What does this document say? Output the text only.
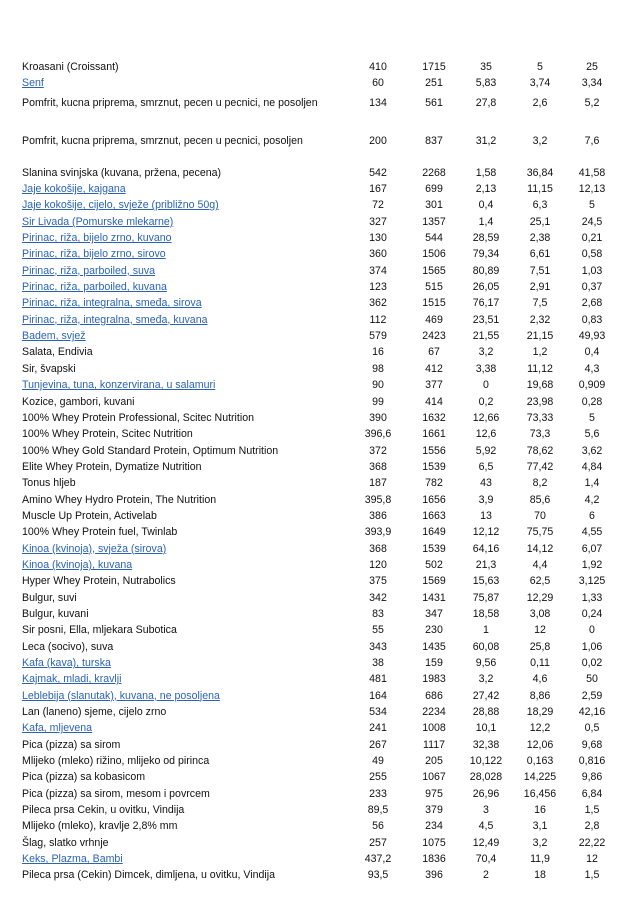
Kroasani (Croissant)	410	1715	35	5	25
Senf	60	251	5,83	3,74	3,34
Pomfrit, kucna priprema, smrznut, pecen u pecnici, ne posoljen	134	561	27,8	2,6	5,2
Pomfrit, kucna priprema, smrznut, pecen u pecnici, posoljen	200	837	31,2	3,2	7,6
Slanina svinjska (kuvana, pržena, pecena)	542	2268	1,58	36,84	41,58
Jaje kokošije, kajgana	167	699	2,13	11,15	12,13
Jaje kokošije, cijelo, svježe (približno 50g)	72	301	0,4	6,3	5
Sir Livada (Pomurske mlekarne)	327	1357	1,4	25,1	24,5
Pirinac, riža, bijelo zrno, kuvano	130	544	28,59	2,38	0,21
Pirinac, riža, bijelo zrno, sirovo	360	1506	79,34	6,61	0,58
Pirinac, riža, parboiled, suva	374	1565	80,89	7,51	1,03
Pirinac, riža, parboiled, kuvana	123	515	26,05	2,91	0,37
Pirinac, riža, integralna, smeđa, sirova	362	1515	76,17	7,5	2,68
Pirinac, riža, integralna, smeđa, kuvana	112	469	23,51	2,32	0,83
Badem, svjež	579	2423	21,55	21,15	49,93
Salata, Endivia	16	67	3,2	1,2	0,4
Sir, švapski	98	412	3,38	11,12	4,3
Tunjevina, tuna, konzervirana, u salamuri	90	377	0	19,68	0,909
Kozice, gambori, kuvani	99	414	0,2	23,98	0,28
100% Whey Protein Professional, Scitec Nutrition	390	1632	12,66	73,33	5
100% Whey Protein, Scitec Nutrition	396,6	1661	12,6	73,3	5,6
100% Whey Gold Standard Protein, Optimum Nutrition	372	1556	5,92	78,62	3,62
Elite Whey Protein, Dymatize Nutrition	368	1539	6,5	77,42	4,84
Tonus hljeb	187	782	43	8,2	1,4
Amino Whey Hydro Protein, The Nutrition	395,8	1656	3,9	85,6	4,2
Muscle Up Protein, Activelab	386	1663	13	70	6
100% Whey Protein fuel, Twinlab	393,9	1649	12,12	75,75	4,55
Kinoa (kvinoja), svježa (sirova)	368	1539	64,16	14,12	6,07
Kinoa (kvinoja), kuvana	120	502	21,3	4,4	1,92
Hyper Whey Protein, Nutrabolics	375	1569	15,63	62,5	3,125
Bulgur, suvi	342	1431	75,87	12,29	1,33
Bulgur, kuvani	83	347	18,58	3,08	0,24
Sir posni, Ella, mljekara Subotica	55	230	1	12	0
Leca (socivo), suva	343	1435	60,08	25,8	1,06
Kafa (kava), turska	38	159	9,56	0,11	0,02
Kajmak, mladi, kravlji	481	1983	3,2	4,6	50
Leblebija (slanutak), kuvana, ne posoljena	164	686	27,42	8,86	2,59
Lan (laneno) sjeme, cijelo zrno	534	2234	28,88	18,29	42,16
Kafa, mljevena	241	1008	10,1	12,2	0,5
Pica (pizza) sa sirom	267	1117	32,38	12,06	9,68
Mlijeko (mleko) rižino, mlijeko od pirinca	49	205	10,122	0,163	0,816
Pica (pizza) sa kobasicom	255	1067	28,028	14,225	9,86
Pica (pizza) sa sirom, mesom i povrcem	233	975	26,96	16,456	6,84
Pileca prsa Cekin, u ovitku, Vindija	89,5	379	3	16	1,5
Mlijeko (mleko), kravlje 2,8% mm	56	234	4,5	3,1	2,8
Šlag, slatko vrhnje	257	1075	12,49	3,2	22,22
Keks, Plazma, Bambi	437,2	1836	70,4	11,9	12
Pileca prsa (Cekin) Dimcek, dimljena, u ovitku, Vindija	93,5	396	2	18	1,5
